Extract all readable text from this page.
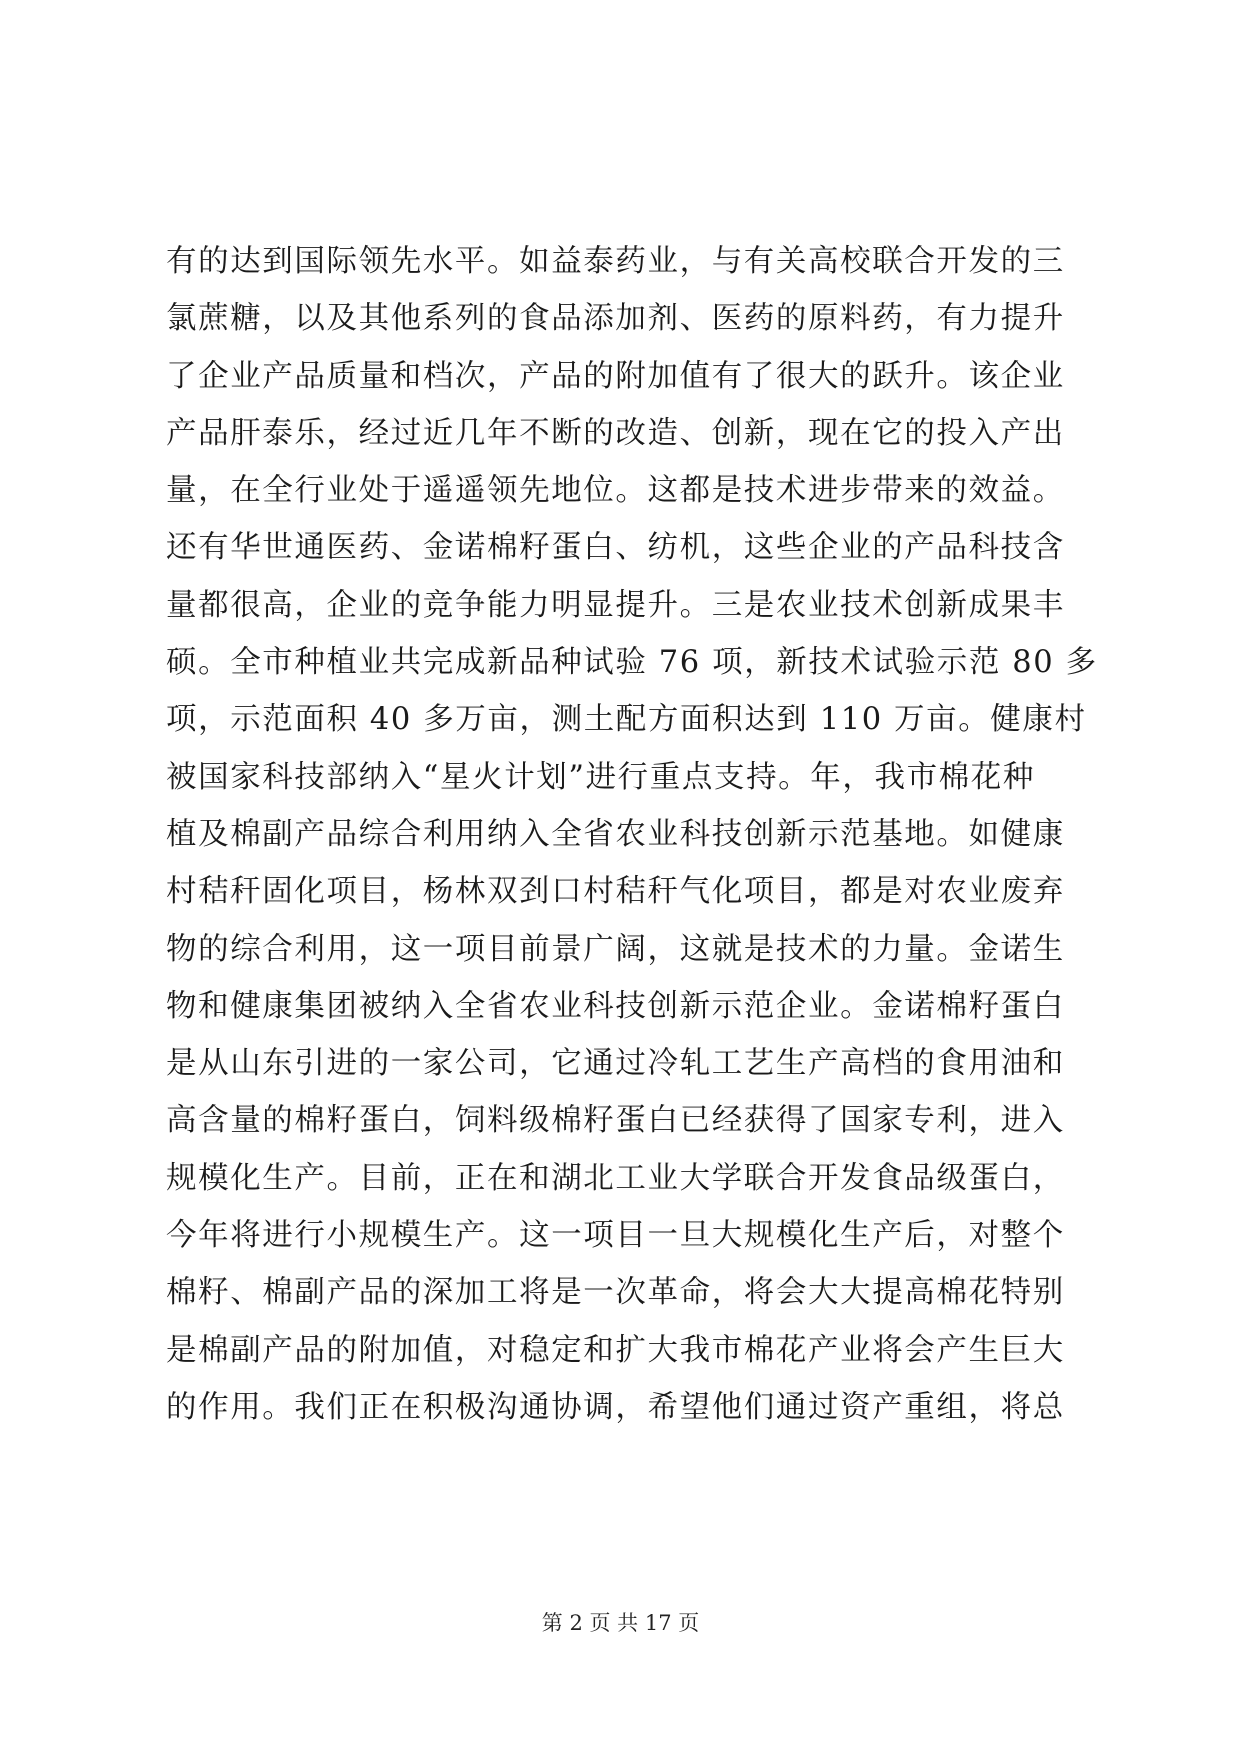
有的达到国际领先水平。如益泰药业，与有关高校联合开发的三
氯蔗糖，以及其他系列的食品添加剂、医药的原料药，有力提升
了企业产品质量和档次，产品的附加值有了很大的跃升。该企业
产品肝泰乐，经过近几年不断的改造、创新，现在它的投入产出
量，在全行业处于遥遥领先地位。这都是技术进步带来的效益。
还有华世通医药、金诺棉籽蛋白、纺机，这些企业的产品科技含
量都很高，企业的竞争能力明显提升。三是农业技术创新成果丰
硕。全市种植业共完成新品种试验 76 项，新技术试验示范 80 多
项，示范面积 40 多万亩，测土配方面积达到 110 万亩。健康村
被国家科技部纳入“星火计划”进行重点支持。年，我市棉花种
植及棉副产品综合利用纳入全省农业科技创新示范基地。如健康
村秸秆固化项目，杨林双刭口村秸秆气化项目，都是对农业废弃
物的综合利用，这一项目前景广阔，这就是技术的力量。金诺生
物和健康集团被纳入全省农业科技创新示范企业。金诺棉籽蛋白
是从山东引进的一家公司，它通过冷轧工艺生产高档的食用油和
高含量的棉籽蛋白，饲料级棉籽蛋白已经获得了国家专利，进入
规模化生产。目前，正在和湖北工业大学联合开发食品级蛋白，
今年将进行小规模生产。这一项目一旦大规模化生产后，对整个
棉籽、棉副产品的深加工将是一次革命，将会大大提高棉花特别
是棉副产品的附加值，对稳定和扩大我市棉花产业将会产生巨大
的作用。我们正在积极沟通协调，希望他们通过资产重组，将总
第 2 页 共 17 页
